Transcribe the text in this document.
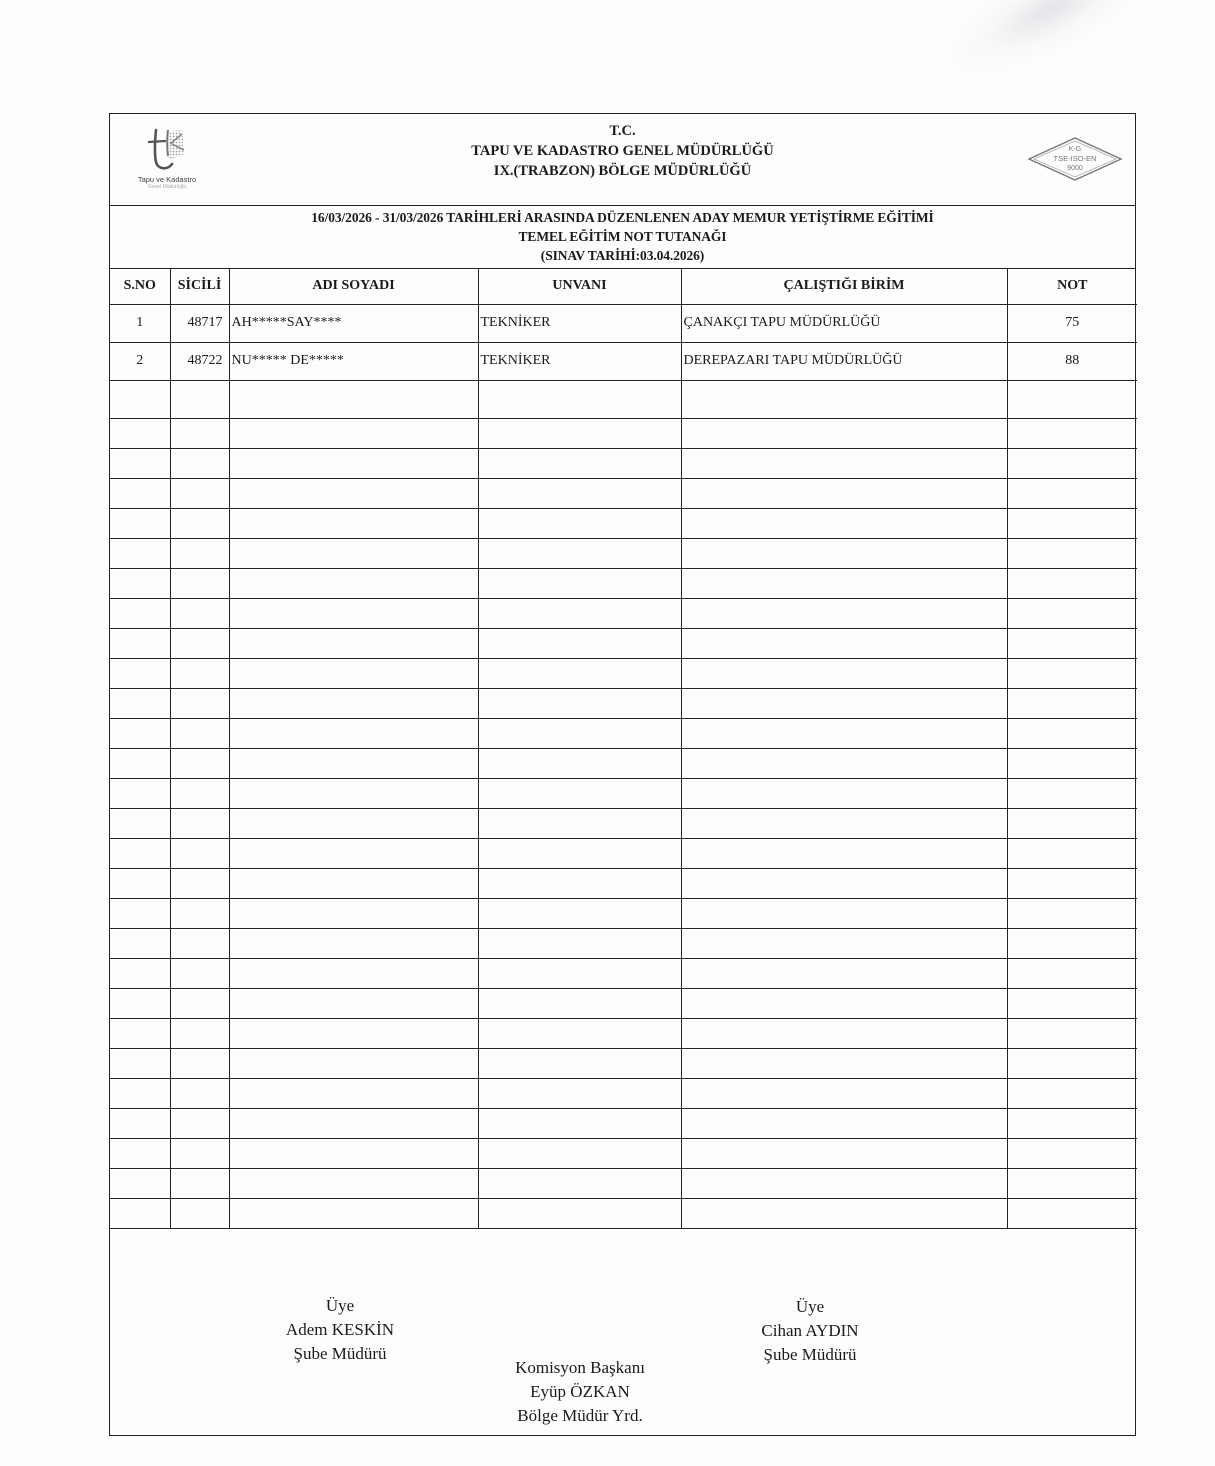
Tapu ve Kadastro
Genel Müdürlüğü
T.C.
TAPU VE KADASTRO GENEL MÜDÜRLÜĞÜ
IX.(TRABZON) BÖLGE MÜDÜRLÜĞÜ
K-G
TSE-ISO-EN
9000
16/03/2026 - 31/03/2026 TARİHLERİ ARASINDA DÜZENLENEN ADAY MEMUR YETİŞTİRME EĞİTİMİ
TEMEL EĞİTİM NOT TUTANAĞI
(SINAV TARİHİ:03.04.2026)
S.NO	SİCİLİ	ADI SOYADI	UNVANI	ÇALIŞTIĞI BİRİM	NOT
1	48717	AH*****SAY****	TEKNİKER	ÇANAKÇI TAPU MÜDÜRLÜĞÜ	75
2	48722	NU***** DE*****	TEKNİKER	DEREPAZARI TAPU MÜDÜRLÜĞÜ	88

Üye
Adem KESKİN
Şube Müdürü
Üye
Cihan AYDIN
Şube Müdürü
Komisyon Başkanı
Eyüp ÖZKAN
Bölge Müdür Yrd.
